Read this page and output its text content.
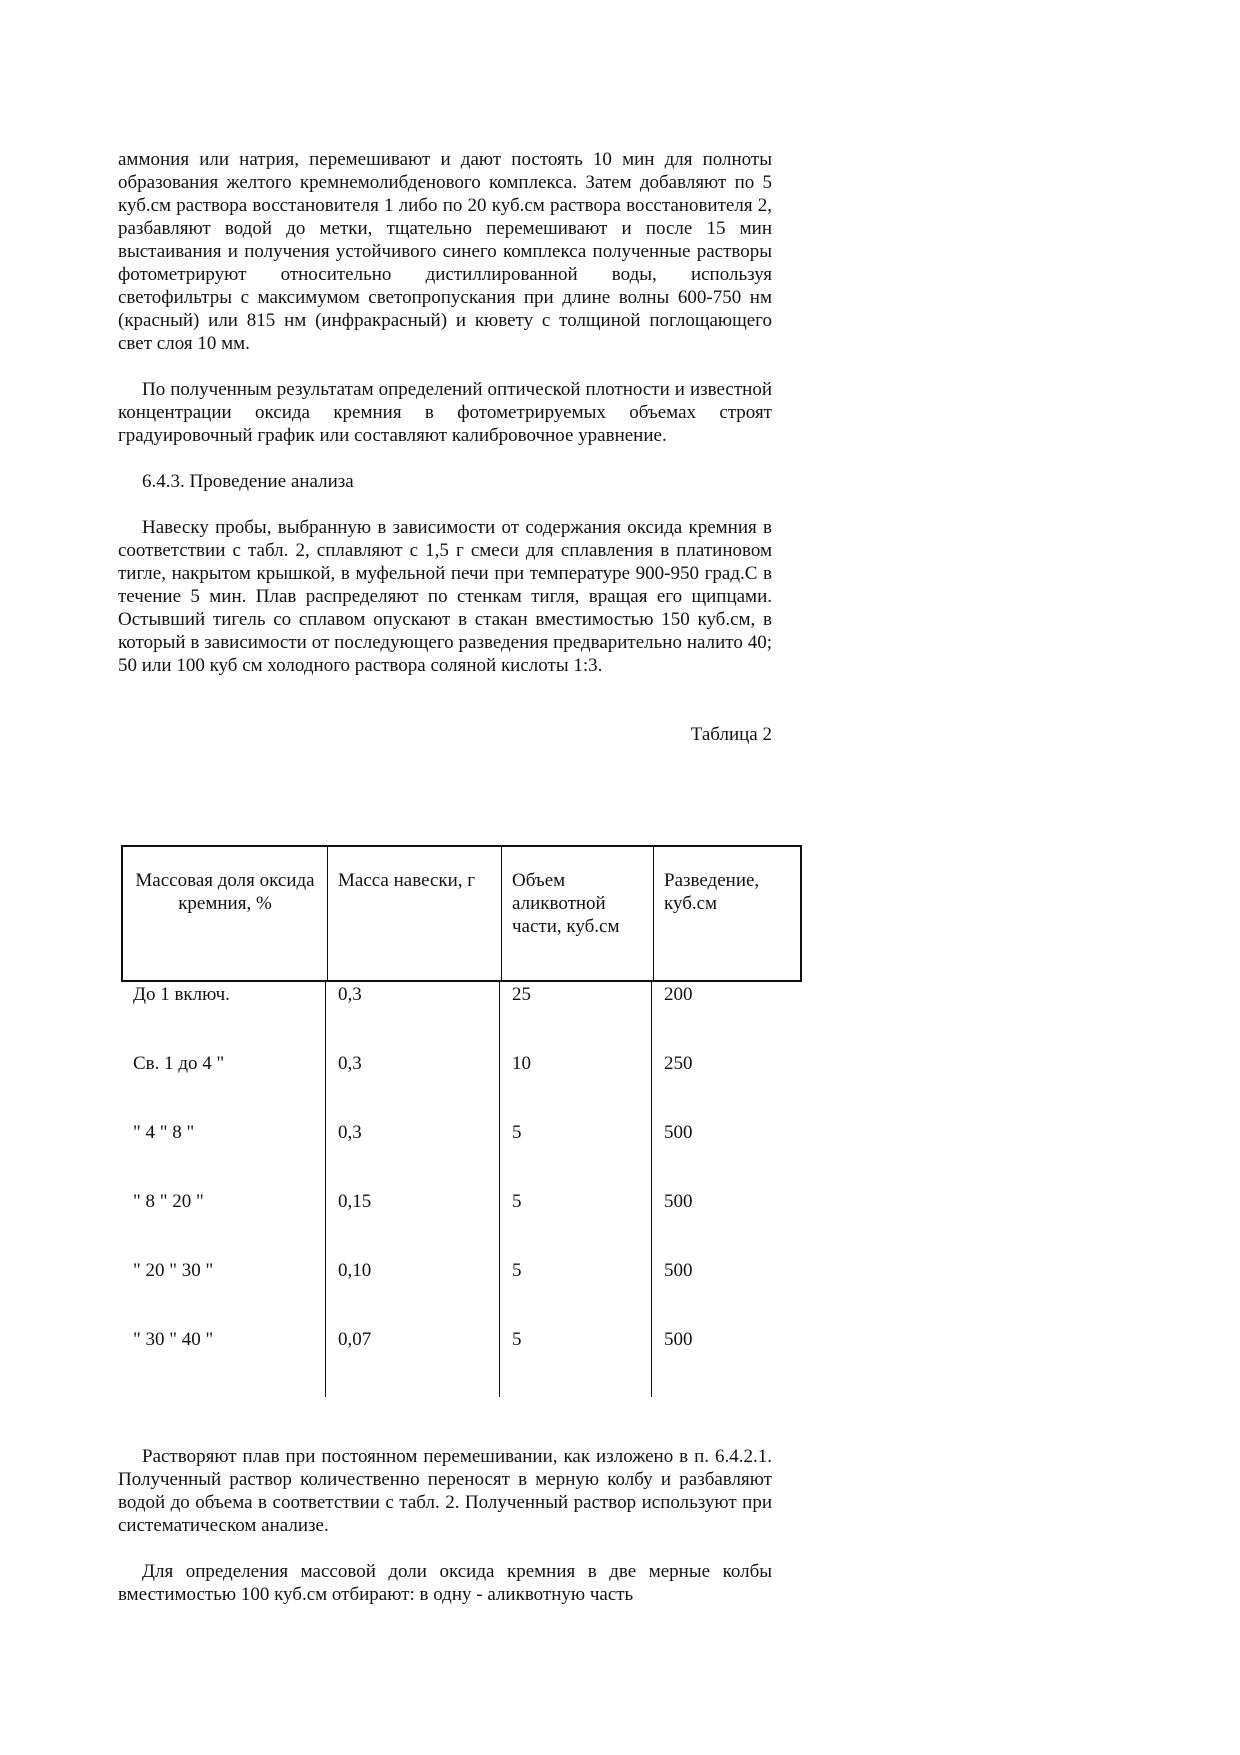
аммония или натрия, перемешивают и дают постоять 10 мин для полноты образования желтого кремнемолибденового комплекса. Затем добавляют по 5 куб.см раствора восстановителя 1 либо по 20 куб.см раствора восстановителя 2, разбавляют водой до метки, тщательно перемешивают и после 15 мин выстаивания и получения устойчивого синего комплекса полученные растворы фотометрируют относительно дистиллированной воды, используя светофильтры с максимумом светопропускания при длине волны 600-750 нм (красный) или 815 нм (инфракрасный) и кювету с толщиной поглощающего свет слоя 10 мм.

По полученным результатам определений оптической плотности и известной концентрации оксида кремния в фотометрируемых объемах строят градуировочный график или составляют калибровочное уравнение.

6.4.3. Проведение анализа

Навеску пробы, выбранную в зависимости от содержания оксида кремния в соответствии с табл. 2, сплавляют с 1,5 г смеси для сплавления в платиновом тигле, накрытом крышкой, в муфельной печи при температуре 900-950 град.С в течение 5 мин. Плав распределяют по стенкам тигля, вращая его щипцами. Остывший тигель со сплавом опускают в стакан вместимостью 150 куб.см, в который в зависимости от последующего разведения предварительно налито 40; 50 или 100 куб см холодного раствора соляной кислоты 1:3.

Таблица 2

Массовая доля оксида кремния, %
Масса навески, г	Объем аликвотной части, куб.см
Разведение, куб.см
До 1 включ.
Св. 1 до 4 "
" 4 " 8 "
" 8 " 20 "
" 20 " 30 "
" 30 " 40 "
0,3
0,3
0,3
0,15
0,10
0,07
25
10
5
5
5
5
200
250
500
500
500
500

Растворяют плав при постоянном перемешивании, как изложено в п. 6.4.2.1. Полученный раствор количественно переносят в мерную колбу и разбавляют водой до объема в соответствии с табл. 2. Полученный раствор используют при систематическом анализе.

Для определения массовой доли оксида кремния в две мерные колбы вместимостью 100 куб.см отбирают: в одну - аликвотную часть
